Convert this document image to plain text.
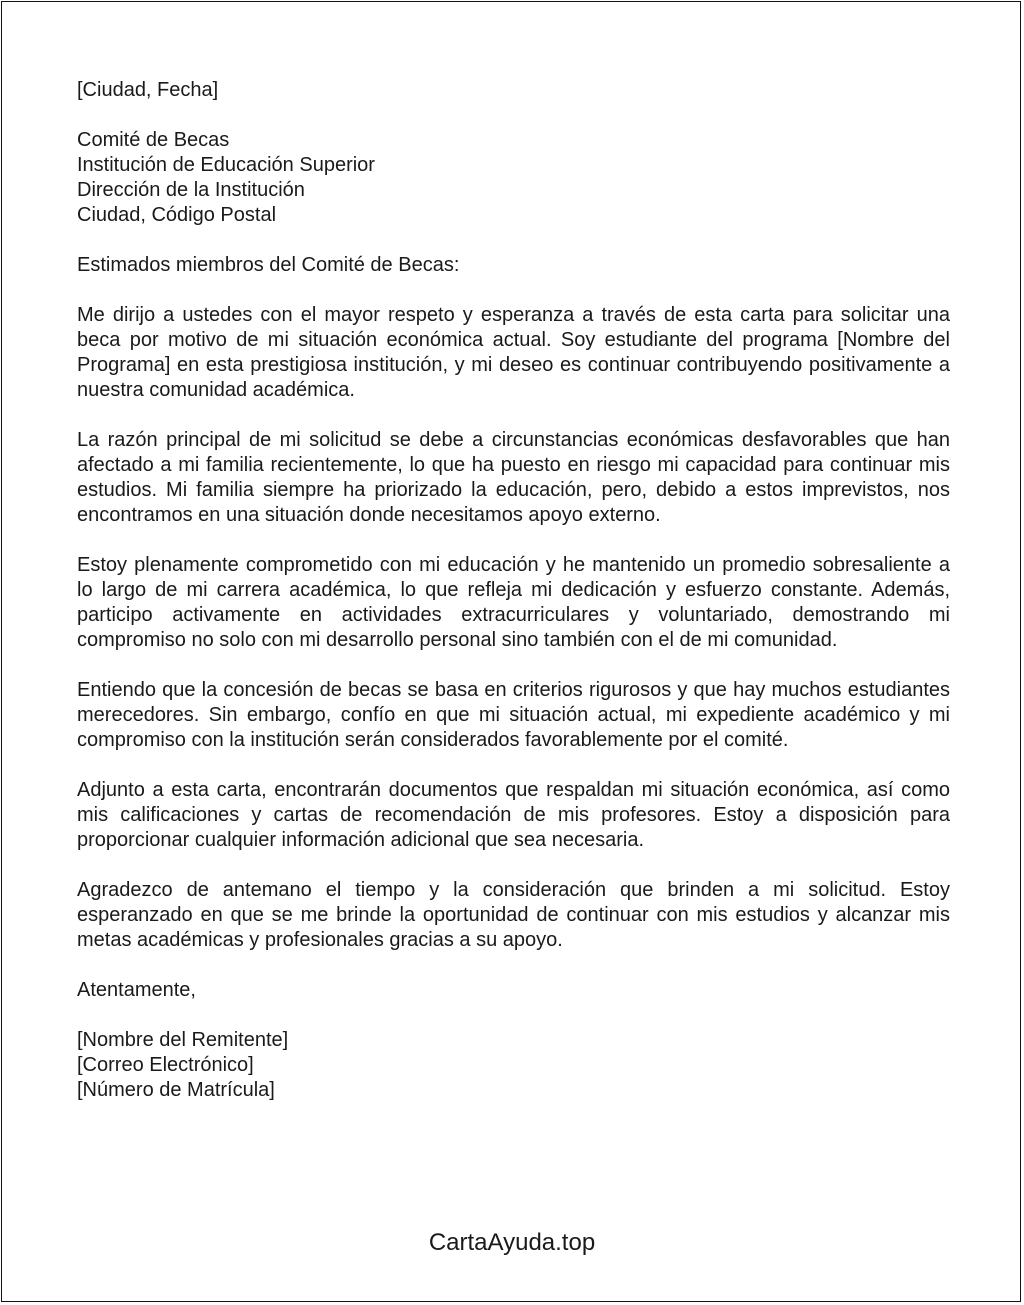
[Ciudad, Fecha]
Comité de Becas
Institución de Educación Superior
Dirección de la Institución
Ciudad, Código Postal
Estimados miembros del Comité de Becas:

Me dirijo a ustedes con el mayor respeto y esperanza a través de esta carta para solicitar una beca por motivo de mi situación económica actual. Soy estudiante del programa [Nombre del Programa] en esta prestigiosa institución, y mi deseo es continuar contribuyendo positivamente a nuestra comunidad académica.

La razón principal de mi solicitud se debe a circunstancias económicas desfavorables que han afectado a mi familia recientemente, lo que ha puesto en riesgo mi capacidad para continuar mis estudios. Mi familia siempre ha priorizado la educación, pero, debido a estos imprevistos, nos encontramos en una situación donde necesitamos apoyo externo.

Estoy plenamente comprometido con mi educación y he mantenido un promedio sobresaliente a lo largo de mi carrera académica, lo que refleja mi dedicación y esfuerzo constante. Además, participo activamente en actividades extracurriculares y voluntariado, demostrando mi compromiso no solo con mi desarrollo personal sino también con el de mi comunidad.

Entiendo que la concesión de becas se basa en criterios rigurosos y que hay muchos estudiantes merecedores. Sin embargo, confío en que mi situación actual, mi expediente académico y mi compromiso con la institución serán considerados favorablemente por el comité.

Adjunto a esta carta, encontrarán documentos que respaldan mi situación económica, así como mis calificaciones y cartas de recomendación de mis profesores. Estoy a disposición para proporcionar cualquier información adicional que sea necesaria.

Agradezco de antemano el tiempo y la consideración que brinden a mi solicitud. Estoy esperanzado en que se me brinde la oportunidad de continuar con mis estudios y alcanzar mis metas académicas y profesionales gracias a su apoyo.

Atentamente,
[Nombre del Remitente]
[Correo Electrónico]
[Número de Matrícula]
CartaAyuda.top
